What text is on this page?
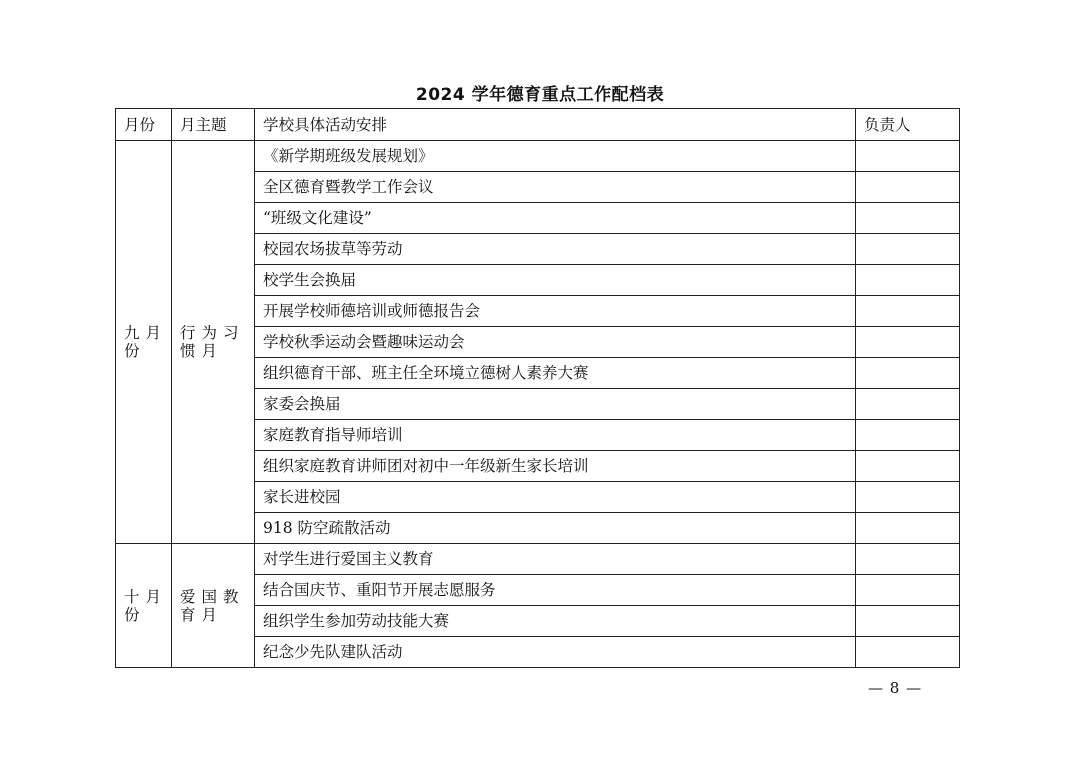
2024 学年德育重点工作配档表
月份	月主题	学校具体活动安排	负责人

九月份	行为习惯月	《新学期班级发展规划》	
		全区德育暨教学工作会议	
		“班级文化建设”	
		校园农场拔草等劳动	
		校学生会换届	
		开展学校师德培训或师德报告会	
		学校秋季运动会暨趣味运动会	
		组织德育干部、班主任全环境立德树人素养大赛	
		家委会换届	
		家庭教育指导师培训	
		组织家庭教育讲师团对初中一年级新生家长培训	
		家长进校园	
		918 防空疏散活动	

十月份	爱国教育月	对学生进行爱国主义教育	
		结合国庆节、重阳节开展志愿服务	
		组织学生参加劳动技能大赛	
		纪念少先队建队活动	
— 8 —
